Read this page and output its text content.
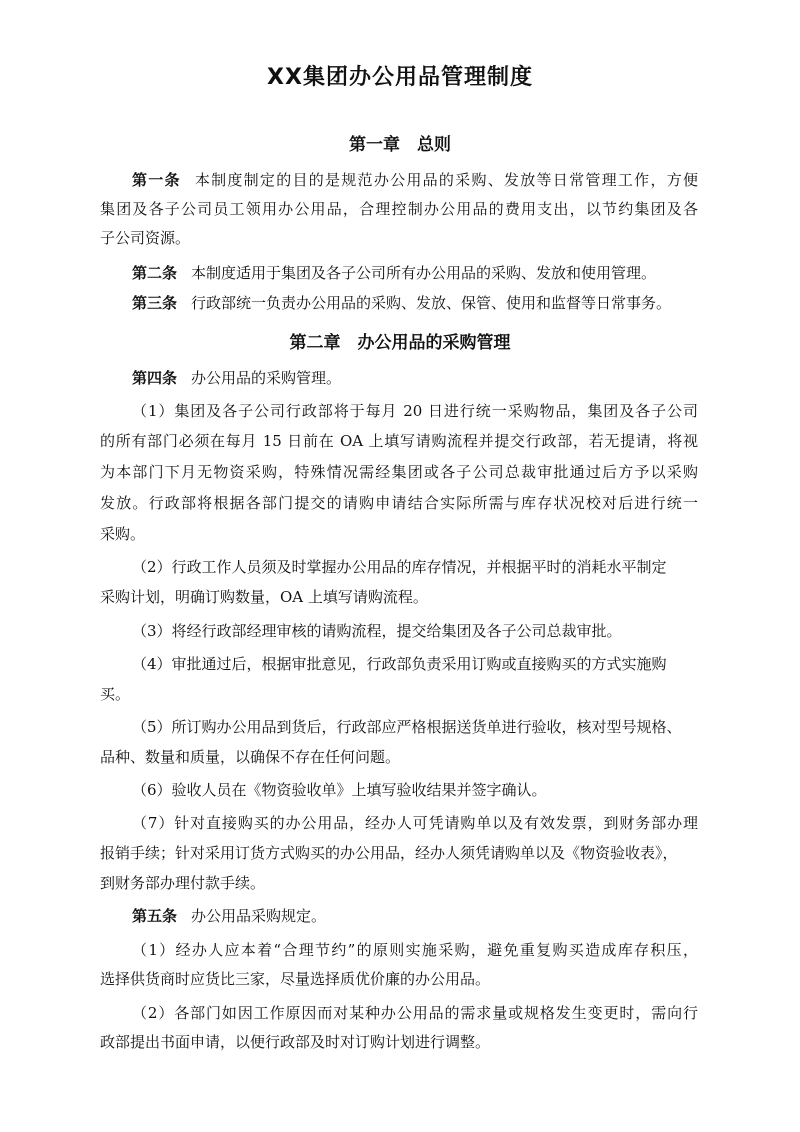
XX集团办公用品管理制度
第一章　总则
第一条 本制度制定的目的是规范办公用品的采购、发放等日常管理工作，方便
集团及各子公司员工领用办公用品，合理控制办公用品的费用支出，以节约集团及各
子公司资源。
第二条 本制度适用于集团及各子公司所有办公用品的采购、发放和使用管理。
第三条 行政部统一负责办公用品的采购、发放、保管、使用和监督等日常事务。
第二章　办公用品的采购管理
第四条 办公用品的采购管理。
（1）集团及各子公司行政部将于每月 20 日进行统一采购物品，集团及各子公司
的所有部门必须在每月 15 日前在 OA 上填写请购流程并提交行政部，若无提请，将视
为本部门下月无物资采购，特殊情况需经集团或各子公司总裁审批通过后方予以采购
发放。行政部将根据各部门提交的请购申请结合实际所需与库存状况校对后进行统一
采购。
（2）行政工作人员须及时掌握办公用品的库存情况，并根据平时的消耗水平制定
采购计划，明确订购数量，OA 上填写请购流程。
（3）将经行政部经理审核的请购流程，提交给集团及各子公司总裁审批。
（4）审批通过后，根据审批意见，行政部负责采用订购或直接购买的方式实施购
买。
（5）所订购办公用品到货后，行政部应严格根据送货单进行验收，核对型号规格、
品种、数量和质量，以确保不存在任何问题。
（6）验收人员在《物资验收单》上填写验收结果并签字确认。
（7）针对直接购买的办公用品，经办人可凭请购单以及有效发票，到财务部办理
报销手续；针对采用订货方式购买的办公用品，经办人须凭请购单以及《物资验收表》，
到财务部办理付款手续。
第五条 办公用品采购规定。
（1）经办人应本着“合理节约”的原则实施采购，避免重复购买造成库存积压，
选择供货商时应货比三家，尽量选择质优价廉的办公用品。
（2）各部门如因工作原因而对某种办公用品的需求量或规格发生变更时，需向行
政部提出书面申请，以便行政部及时对订购计划进行调整。
